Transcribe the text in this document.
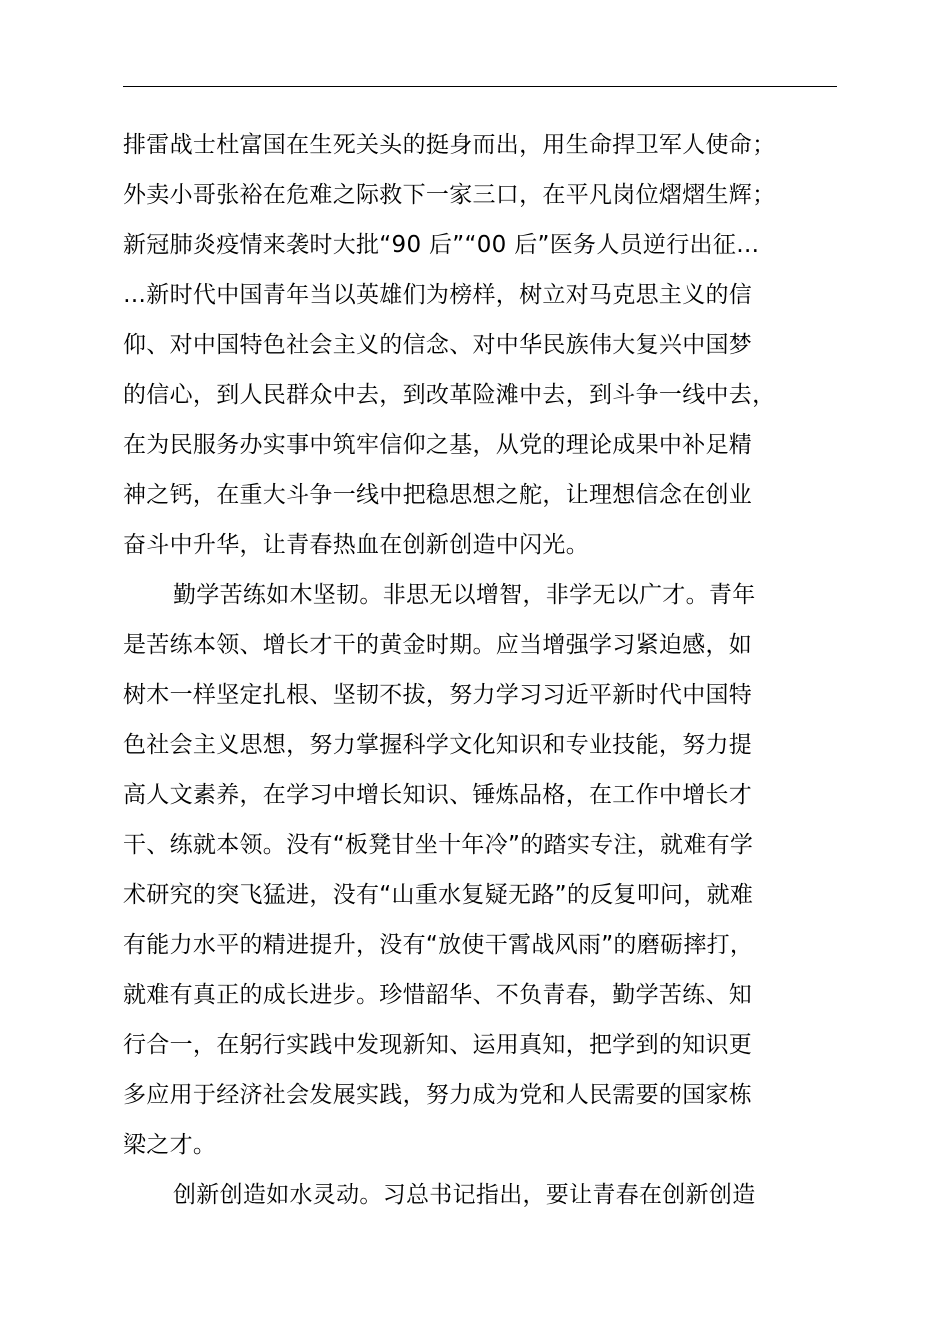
排雷战士杜富国在生死关头的挺身而出，用生命捍卫军人使命；
外卖小哥张裕在危难之际救下一家三口，在平凡岗位熠熠生辉；
新冠肺炎疫情来袭时大批“90 后”“00 后”医务人员逆行出征…
…新时代中国青年当以英雄们为榜样，树立对马克思主义的信
仰、对中国特色社会主义的信念、对中华民族伟大复兴中国梦
的信心，到人民群众中去，到改革险滩中去，到斗争一线中去，
在为民服务办实事中筑牢信仰之基，从党的理论成果中补足精
神之钙，在重大斗争一线中把稳思想之舵，让理想信念在创业
奋斗中升华，让青春热血在创新创造中闪光。
勤学苦练如木坚韧。非思无以增智，非学无以广才。青年
是苦练本领、增长才干的黄金时期。应当增强学习紧迫感，如
树木一样坚定扎根、坚韧不拔，努力学习习近平新时代中国特
色社会主义思想，努力掌握科学文化知识和专业技能，努力提
高人文素养，在学习中增长知识、锤炼品格，在工作中增长才
干、练就本领。没有“板凳甘坐十年冷”的踏实专注，就难有学
术研究的突飞猛进，没有“山重水复疑无路”的反复叩问，就难
有能力水平的精进提升，没有“放使干霄战风雨”的磨砺摔打，
就难有真正的成长进步。珍惜韶华、不负青春，勤学苦练、知
行合一，在躬行实践中发现新知、运用真知，把学到的知识更
多应用于经济社会发展实践，努力成为党和人民需要的国家栋
梁之才。
创新创造如水灵动。习总书记指出，要让青春在创新创造
